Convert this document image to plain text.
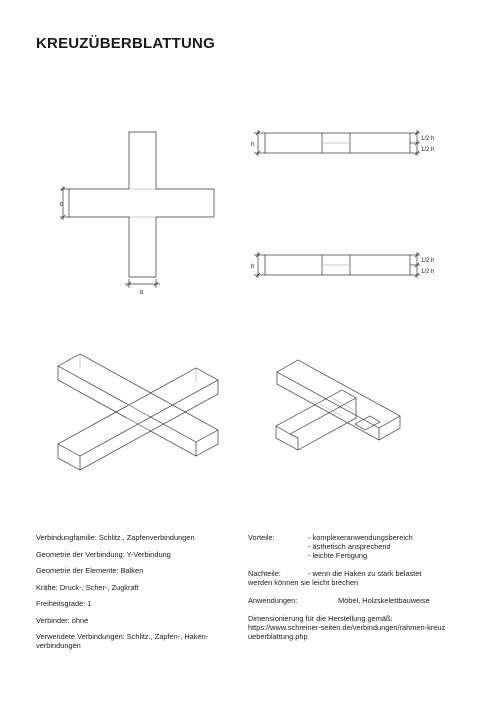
KREUZÜBERBLATTUNG
b
b
h
1/2 h
1/2 h
h
1/2 h
1/2 h

Verbindungfamilie: Schlitz., Zapfenverbindungen

Geometrie der Verbindung: Y-Verbindung

Geometrie der Elemente: Balken

Kräfte: Druck-, Scher-, Zugkraft

Freiheitsgrade: 1

Verbinder: ohne

Verwendete Verbindungen: Schlitz., Zapfen-, Haken-verbindungen

Vorteile:	- komplexeranwendungsbereich
- ästhetisch ansprechend
- leichte Fertigung
Nachteile:	- wenn die Haken zu stark belastet
werden können sie leicht brechen
Anwendungen:	Möbel, Holzskelettbauweise
Dimensionierung für die Herstellung gemäß:
https://www.schreiner-seiten.de/verbindungen/rahmen-kreuzueberblattung.php
